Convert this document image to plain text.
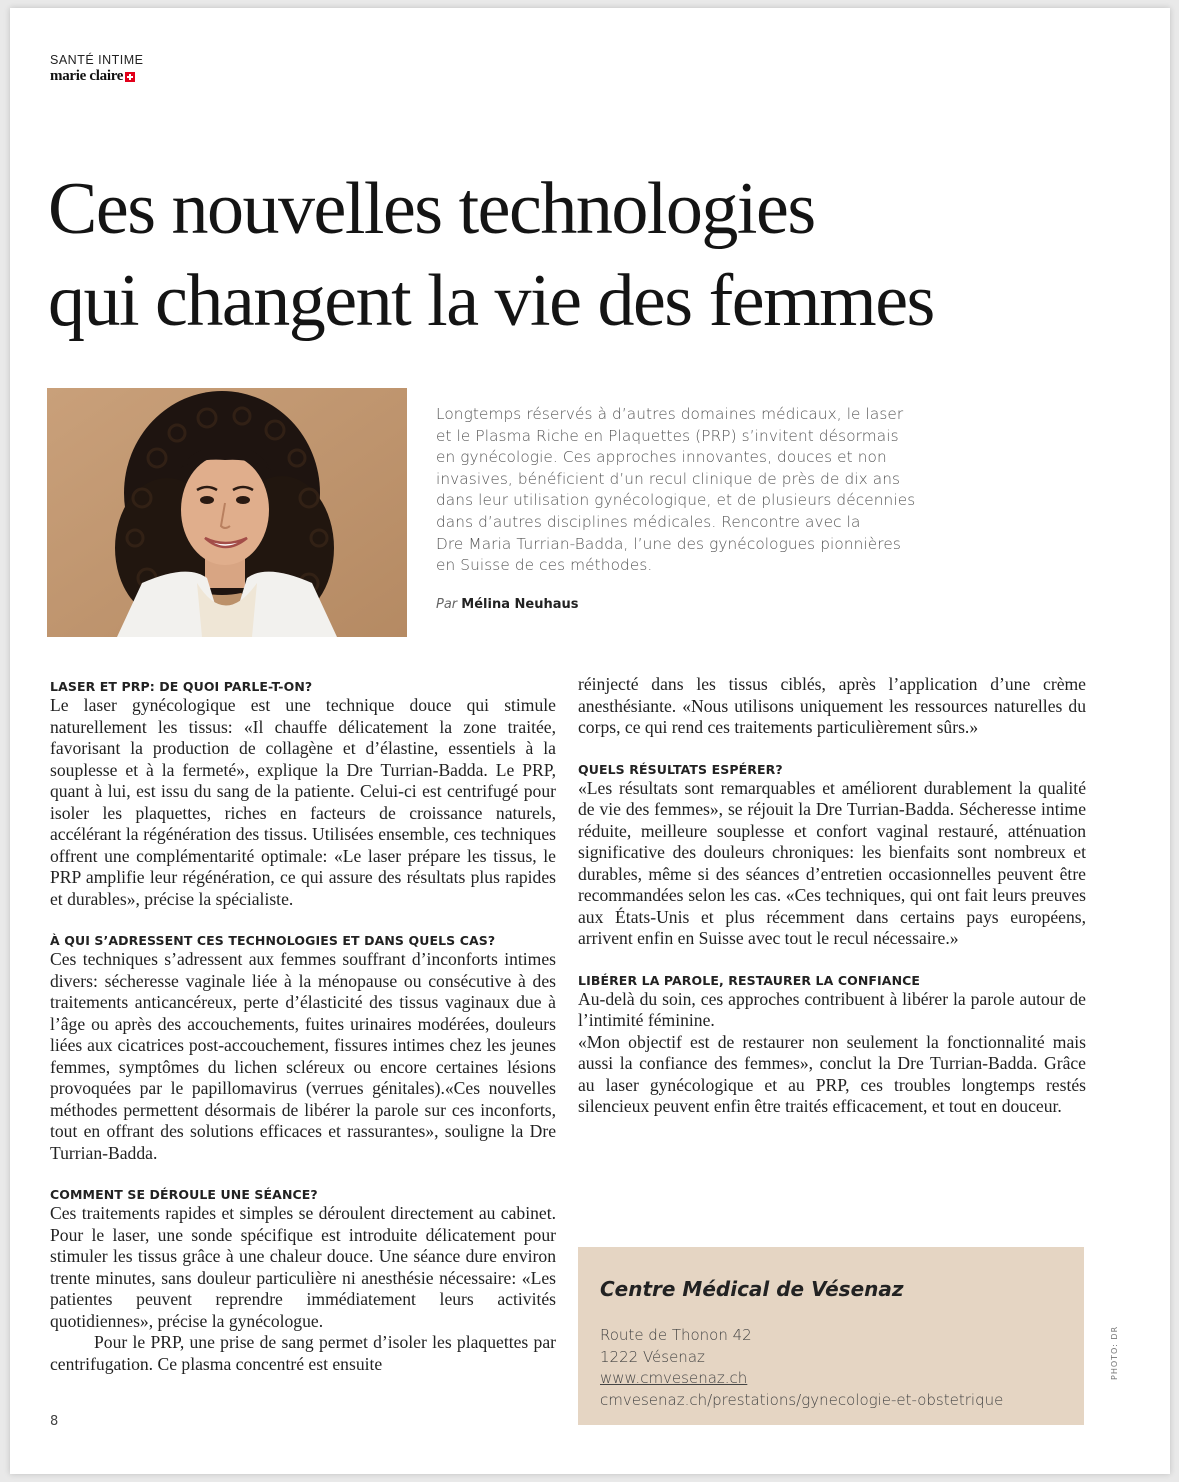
SANTÉ INTIME
marie claire
Ces nouvelles technologies
qui changent la vie des femmes
Longtemps réservés à d’autres domaines médicaux, le laser
et le Plasma Riche en Plaquettes (PRP) s’invitent désormais
en gynécologie. Ces approches innovantes, douces et non
invasives, bénéficient d’un recul clinique de près de dix ans
dans leur utilisation gynécologique, et de plusieurs décennies
dans d’autres disciplines médicales. Rencontre avec la
Dre Maria Turrian-Badda, l’une des gynécologues pionnières
en Suisse de ces méthodes.
Par Mélina Neuhaus
LASER ET PRP: DE QUOI PARLE-T-ON?

Le laser gynécologique est une technique douce qui stimule naturellement les tissus: «Il chauffe délicatement la zone traitée, favorisant la production de collagène et d’élastine, essentiels à la souplesse et à la fermeté», explique la Dre Turrian-Badda. Le PRP, quant à lui, est issu du sang de la patiente. Celui-ci est centrifugé pour isoler les plaquettes, riches en facteurs de croissance naturels, accélérant la régénération des tissus. Utilisées ensemble, ces techniques offrent une complémentarité optimale: «Le laser prépare les tissus, le PRP amplifie leur régénération, ce qui assure des résultats plus rapides et durables», précise la spécialiste.

À QUI S’ADRESSENT CES TECHNOLOGIES ET DANS QUELS CAS?

Ces techniques s’adressent aux femmes souffrant d’inconforts intimes divers: sécheresse vaginale liée à la ménopause ou consécutive à des traitements anticancéreux, perte d’élasticité des tissus vaginaux due à l’âge ou après des accouchements, fuites urinaires modérées, douleurs liées aux cicatrices post-accouchement, fissures intimes chez les jeunes femmes, symptômes du lichen scléreux ou encore certaines lésions provoquées par le papillomavirus (verrues génitales).«Ces nouvelles méthodes permettent désormais de libérer la parole sur ces inconforts, tout en offrant des solutions efficaces et rassurantes», souligne la Dre Turrian-Badda.

COMMENT SE DÉROULE UNE SÉANCE?

Ces traitements rapides et simples se déroulent directement au cabinet. Pour le laser, une sonde spécifique est introduite délicatement pour stimuler les tissus grâce à une chaleur douce. Une séance dure environ trente minutes, sans douleur particulière ni anesthésie nécessaire: «Les patientes peuvent reprendre immédiatement leurs activités quotidiennes», précise la gynécologue.

Pour le PRP, une prise de sang permet d’isoler les plaquettes par centrifugation. Ce plasma concentré est ensuite

8

réinjecté dans les tissus ciblés, après l’application d’une crème anesthésiante. «Nous utilisons uniquement les ressources naturelles du corps, ce qui rend ces traitements particulièrement sûrs.»

QUELS RÉSULTATS ESPÉRER?

«Les résultats sont remarquables et améliorent durablement la qualité de vie des femmes», se réjouit la Dre Turrian-Badda. Sécheresse intime réduite, meilleure souplesse et confort vaginal restauré, atténuation significative des douleurs chroniques: les bienfaits sont nombreux et durables, même si des séances d’entretien occasionnelles peuvent être recommandées selon les cas. «Ces techniques, qui ont fait leurs preuves aux États-Unis et plus récemment dans certains pays européens, arrivent enfin en Suisse avec tout le recul nécessaire.»

LIBÉRER LA PAROLE, RESTAURER LA CONFIANCE

Au-delà du soin, ces approches contribuent à libérer la parole autour de l’intimité féminine.

«Mon objectif est de restaurer non seulement la fonctionnalité mais aussi la confiance des femmes», conclut la Dre Turrian-Badda. Grâce au laser gynécologique et au PRP, ces troubles longtemps restés silencieux peuvent enfin être traités efficacement, et tout en douceur.

Centre Médical de Vésenaz
Route de Thonon 42
1222 Vésenaz
www.cmvesenaz.ch
cmvesenaz.ch/prestations/gynecologie-et-obstetrique
PHOTO: DR
